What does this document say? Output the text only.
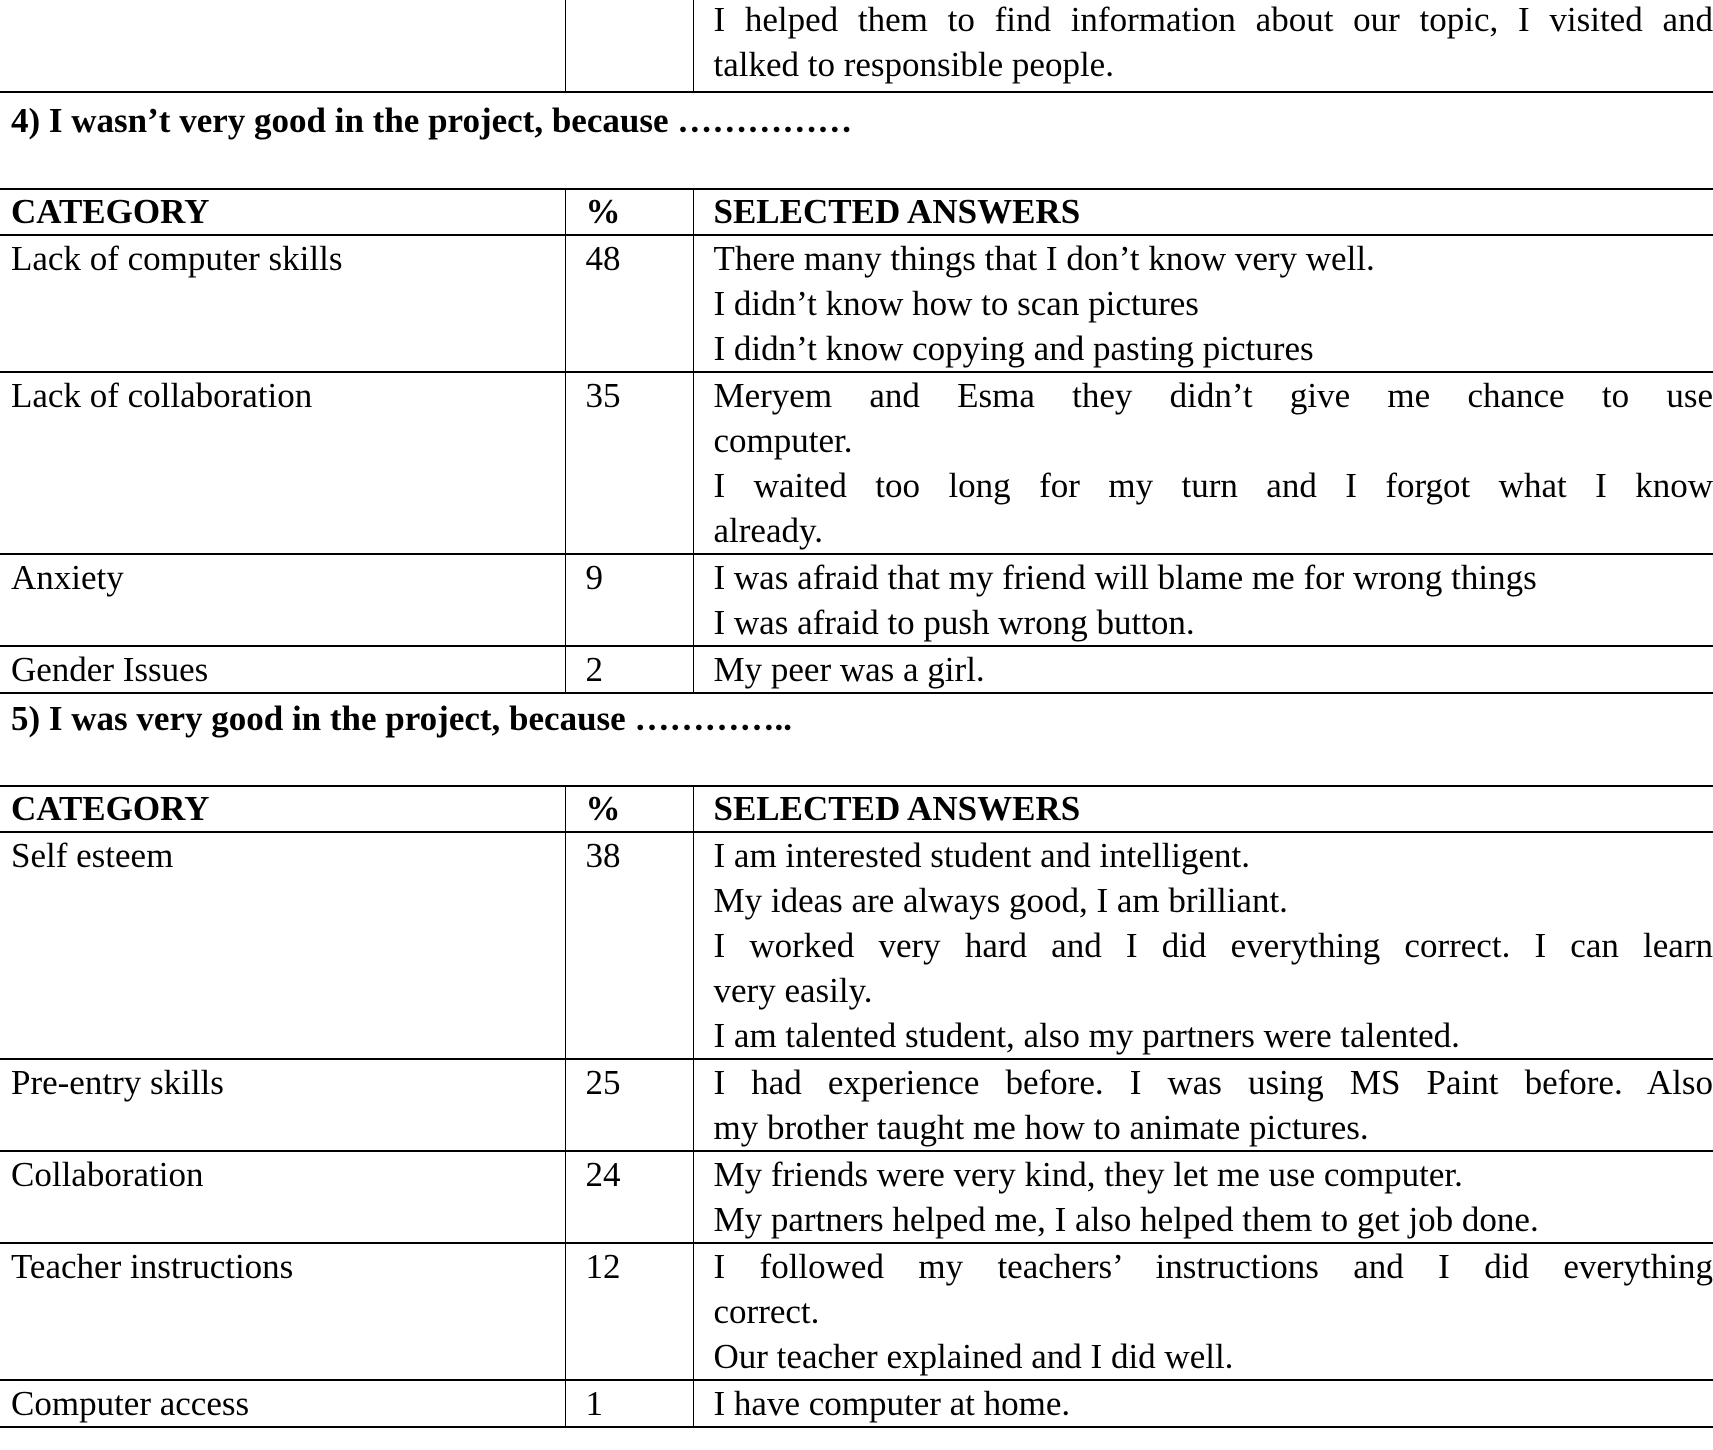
I helped them to find information about our topic, I visited and
talked to responsible people.
4) I wasn’t very good in the project, because ……………
CATEGORY	%	SELECTED ANSWERS
Lack of computer skills	48	There many things that I don’t know very well.
I didn’t know how to scan pictures
I didn’t know copying and pasting pictures

Lack of collaboration	35	Meryem and Esma they didn’t give me chance to use
computer.
I waited too long for my turn and I forgot what I know
already.

Anxiety	9	I was afraid that my friend will blame me for wrong things
I was afraid to push wrong button.

Gender Issues	2	My peer was a girl.
5) I was very good in the project, because …………..
CATEGORY	%	SELECTED ANSWERS
Self esteem	38	I am interested student and intelligent.
My ideas are always good, I am brilliant.
I worked very hard and I did everything correct. I can learn
very easily.
I am talented student, also my partners were talented.

Pre-entry skills	25	I had experience before. I was using MS Paint before. Also
my brother taught me how to animate pictures.

Collaboration	24	My friends were very kind, they let me use computer.
My partners helped me, I also helped them to get job done.

Teacher instructions	12	I followed my teachers’ instructions and I did everything
correct.
Our teacher explained and I did well.

Computer access	1	I have computer at home.
